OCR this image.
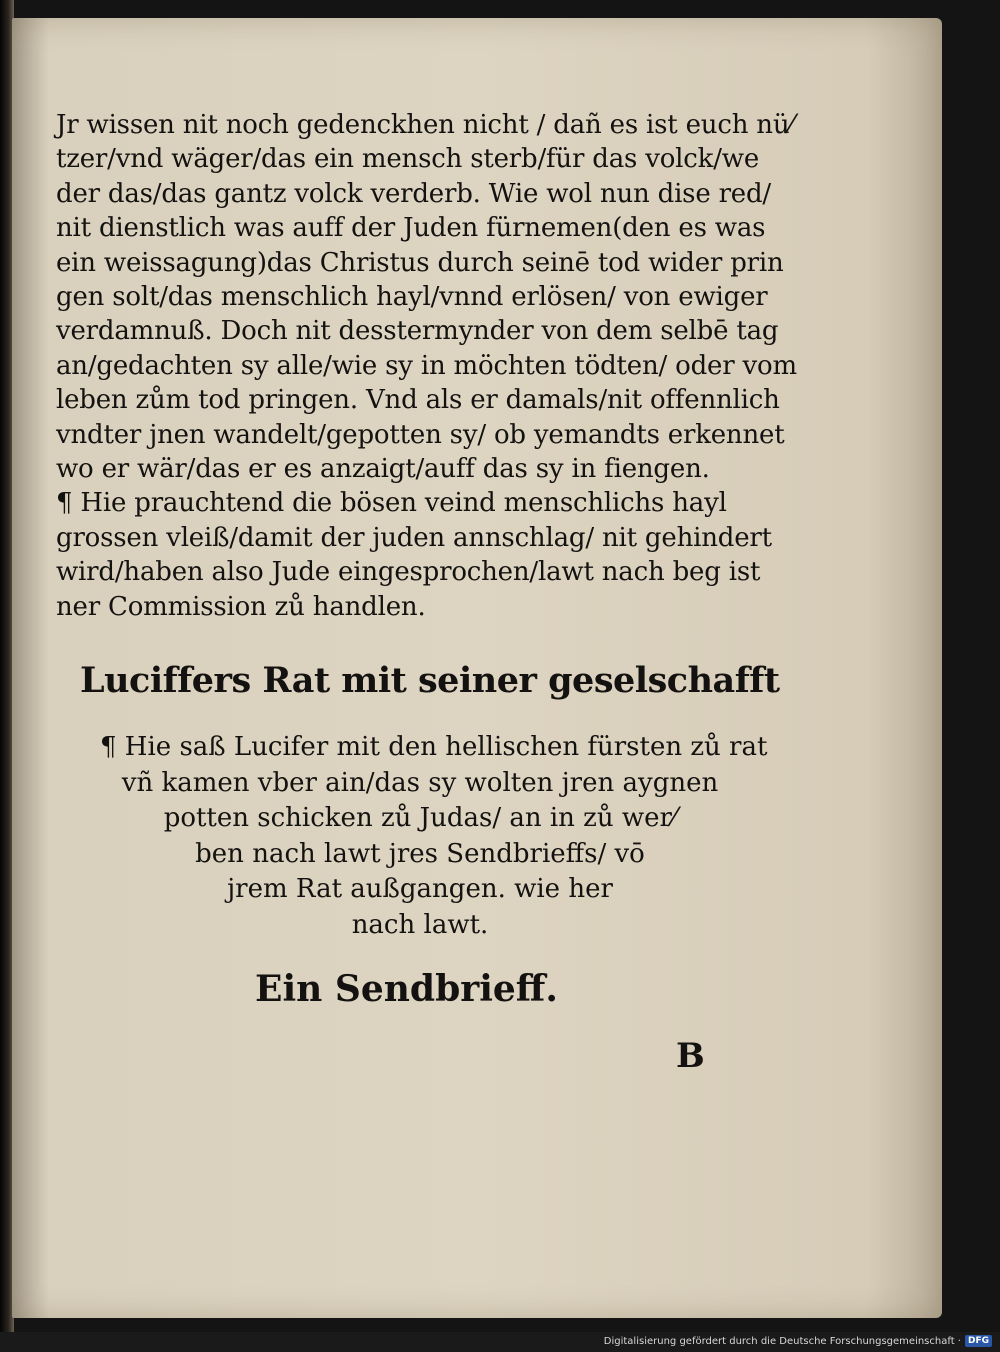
Jr wissen nit noch gedenckhen nicht / dañ es ist euch nü⁄
tzer/vnd wäger/das ein mensch sterb/für das volck/we
der das/das gantz volck verderb. Wie wol nun dise red/
nit dienstlich was auff der Juden fürnemen(den es was
ein weissagung)das Christus durch seinē tod wider prin
gen solt/das menschlich hayl/vnnd erlösen/ von ewiger
verdamnuß. Doch nit desstermynder von dem selbē tag
an/gedachten sy alle/wie sy in möchten tödten/ oder vom
leben zům tod pringen. Vnd als er damals/nit offennlich
vndter jnen wandelt/gepotten sy/ ob yemandts erkennet
wo er wär/das er es anzaigt/auff das sy in fiengen.
¶ Hie prauchtend die bösen veind menschlichs hayl
grossen vleiß/damit der juden annschlag/ nit gehindert
wird/haben also Jude eingesprochen/lawt nach beg ist
ner Commission zů handlen.
Luciffers Rat mit seiner geselschafft
¶ Hie saß Lucifer mit den hellischen fürsten zů rat
vñ kamen vber ain/das sy wolten jren aygnen
potten schicken zů Judas/ an in zů wer⁄
ben nach lawt jres Sendbrieffs/ vō
jrem Rat außgangen. wie her
nach lawt.
Ein Sendbrieff.
B
Digitalisierung gefördert durch die Deutsche Forschungsgemeinschaft · DFG
